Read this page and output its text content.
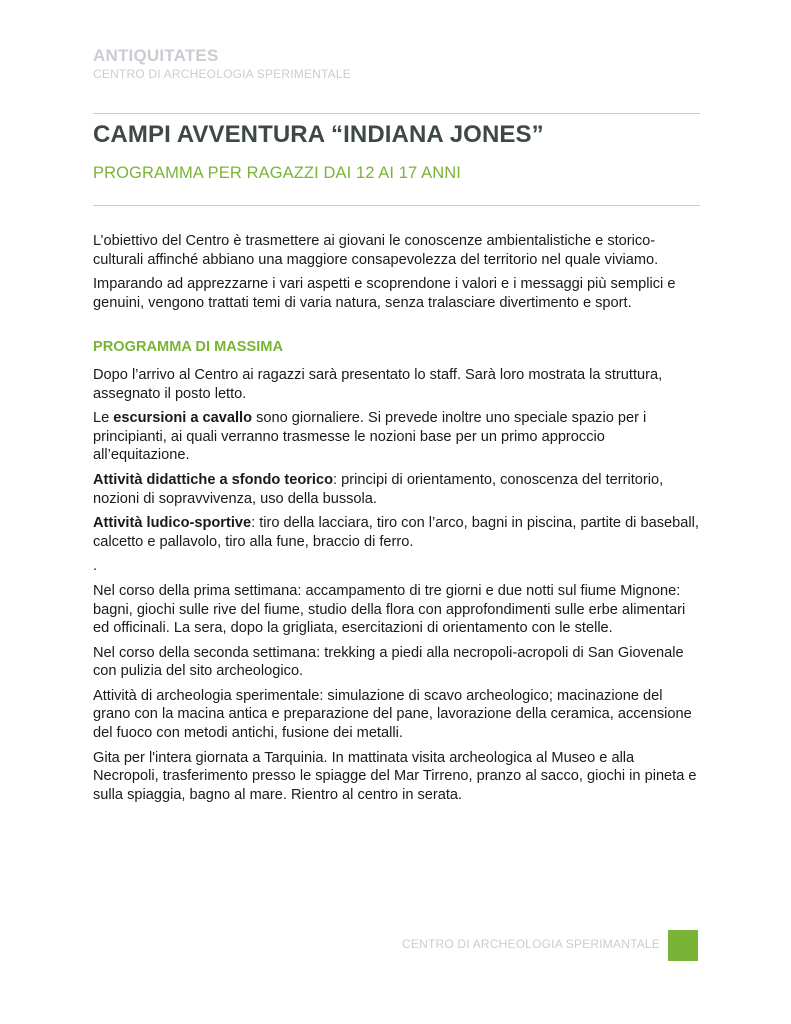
ANTIQUITATES
CENTRO DI ARCHEOLOGIA SPERIMENTALE
CAMPI AVVENTURA “INDIANA JONES”
PROGRAMMA PER RAGAZZI DAI 12 AI 17 ANNI

L’obiettivo del Centro è trasmettere ai giovani le conoscenze ambientalistiche e storico-culturali affinché abbiano una maggiore consapevolezza del territorio nel quale viviamo.

Imparando ad apprezzarne i vari aspetti e scoprendone i valori e i messaggi più semplici e genuini, vengono trattati temi di varia natura, senza tralasciare divertimento e sport.

PROGRAMMA DI MASSIMA

Dopo l’arrivo al Centro ai ragazzi sarà presentato lo staff. Sarà loro mostrata la struttura, assegnato il posto letto.

Le escursioni a cavallo sono giornaliere. Si prevede inoltre uno speciale spazio per i principianti, ai quali verranno trasmesse le nozioni base per un primo approccio all’equitazione.

Attività didattiche a sfondo teorico: principi di orientamento, conoscenza del territorio, nozioni di sopravvivenza, uso della bussola.

Attività ludico-sportive: tiro della lacciara, tiro con l’arco, bagni in piscina, partite di baseball, calcetto e pallavolo, tiro alla fune, braccio di ferro.

.

Nel corso della prima settimana: accampamento di tre giorni e due notti sul fiume Mignone: bagni, giochi sulle rive del fiume, studio della flora con approfondimenti sulle erbe alimentari ed officinali. La sera, dopo la grigliata, esercitazioni di orientamento con le stelle.

Nel corso della seconda settimana: trekking a piedi alla necropoli-acropoli di San Giovenale con pulizia del sito archeologico.

Attività di archeologia sperimentale: simulazione di scavo archeologico; macinazione del grano con la macina antica e preparazione del pane, lavorazione della ceramica, accensione del fuoco con metodi antichi, fusione dei metalli.

Gita per l'intera giornata a Tarquinia. In mattinata visita archeologica al Museo e alla Necropoli, trasferimento presso le spiagge del Mar Tirreno, pranzo al sacco, giochi in pineta e sulla spiaggia, bagno al mare. Rientro al centro in serata.

CENTRO DI ARCHEOLOGIA SPERIMANTALE
